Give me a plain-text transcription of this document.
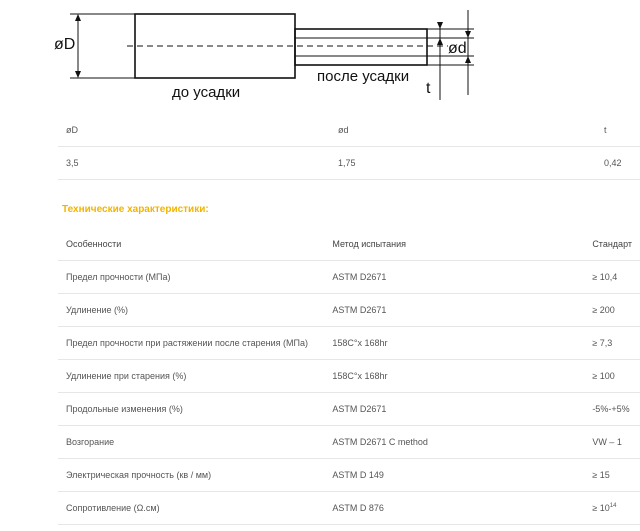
øD
до усадки
после усадки
ød
t
øD	ød	t
3,5	1,75	0,42
Технические характеристики:
Особенности	Метод испытания	Стандарт
Предел прочности (МПа)	ASTM D2671	≥ 10,4
Удлинение (%)	ASTM D2671	≥ 200
Предел прочности при растяжении после старения (МПа)	158С°х 168hr	≥ 7,3
Удлинение при старения (%)	158С°х 168hr	≥ 100
Продольные изменения (%)	ASTM D2671	-5%-+5%
Возгорание	ASTM D2671 C method	VW – 1
Электрическая прочность (кв / мм)	ASTM D 149	≥ 15
Сопротивление (Ω.см)	ASTM D 876	≥ $10^{14}$
